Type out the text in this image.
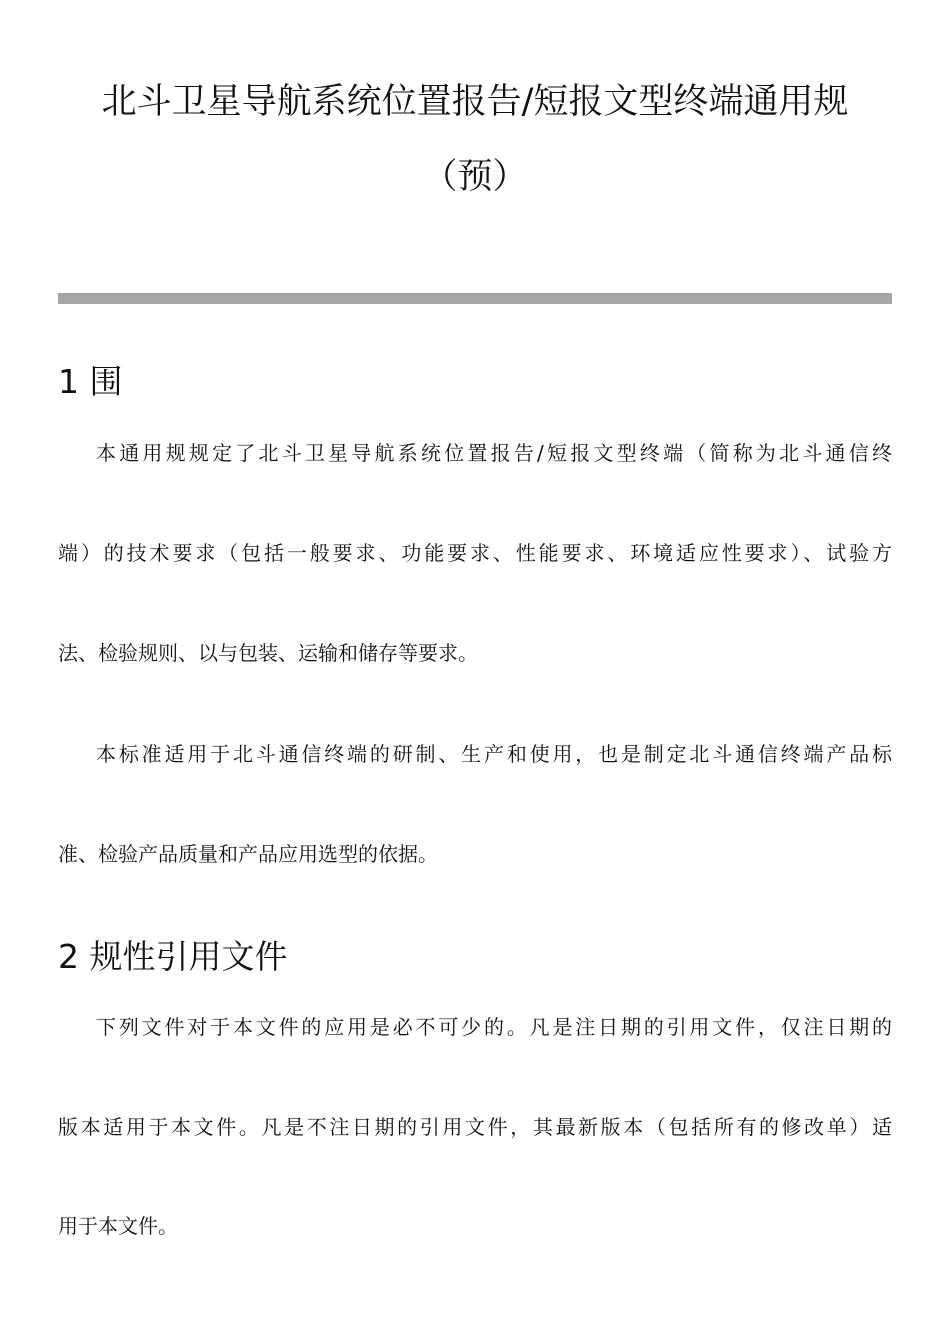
北斗卫星导航系统位置报告/短报文型终端通用规
（预）
1 围

本通用规规定了北斗卫星导航系统位置报告/短报文型终端（简称为北斗通信终

端）的技术要求（包括一般要求、功能要求、性能要求、环境适应性要求）、试验方

法、检验规则、以与包装、运输和储存等要求。

本标准适用于北斗通信终端的研制、生产和使用，也是制定北斗通信终端产品标

准、检验产品质量和产品应用选型的依据。

2 规性引用文件

下列文件对于本文件的应用是必不可少的。凡是注日期的引用文件，仅注日期的

版本适用于本文件。凡是不注日期的引用文件，其最新版本（包括所有的修改单）适

用于本文件。
